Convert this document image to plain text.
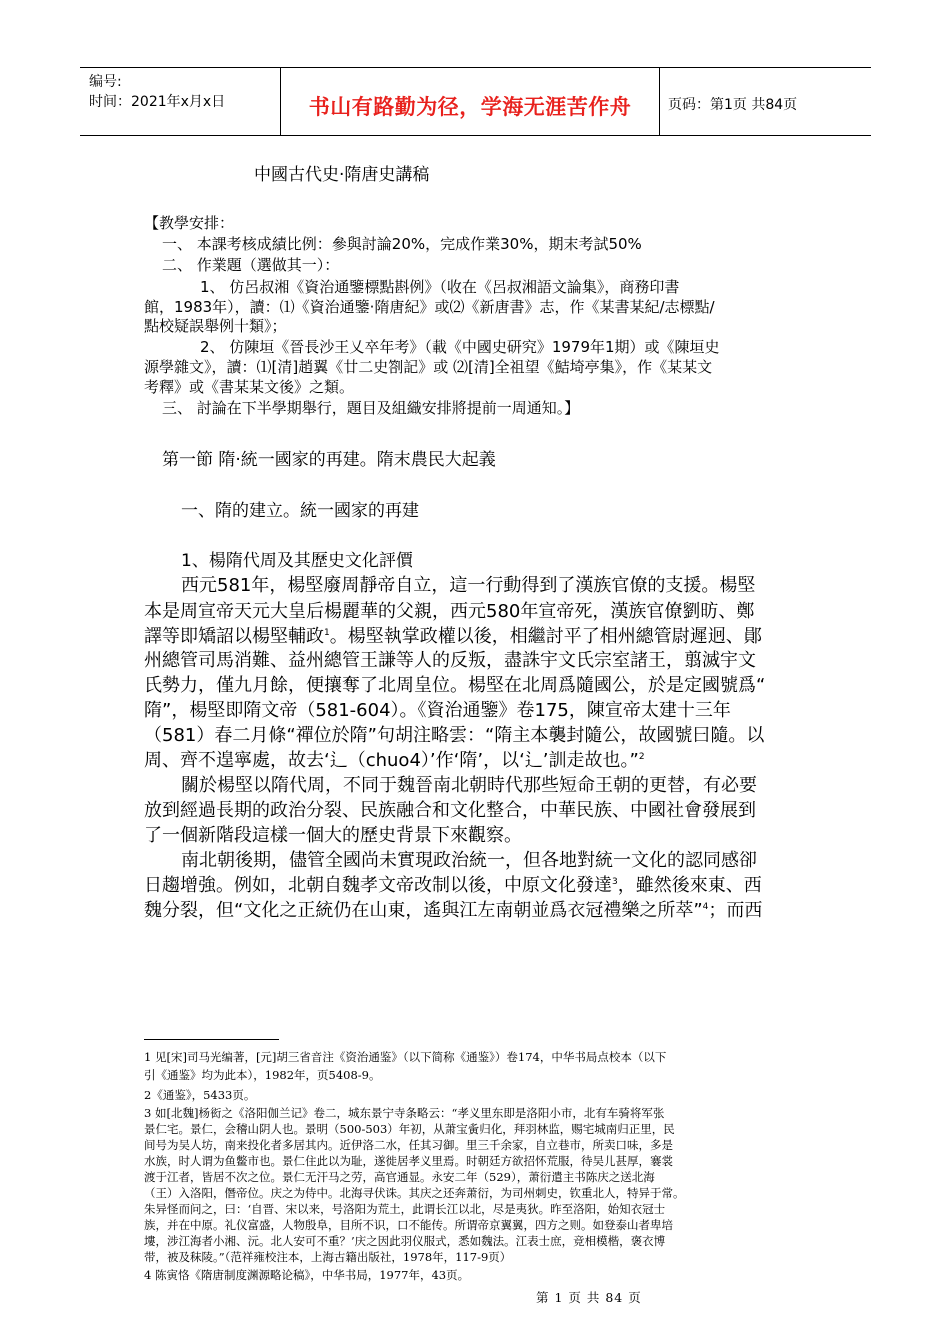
编号:
时间：2021年x月x日	书山有路勤为径，学海无涯苦作舟	页码：第1页 共84页
中國古代史·隋唐史講稿
【教學安排：
一、 本課考核成績比例：參與討論20%，完成作業30%，期末考試50%
二、 作業題（選做其一）：
1、 仿呂叔湘《資治通鑒標點斟例》（收在《呂叔湘語文論集》，商務印書
館，1983年），讀：⑴《資治通鑒·隋唐紀》或⑵《新唐書》志，作《某書某紀/志標點/
點校疑誤舉例十類》；
2、 仿陳垣《晉長沙王乂卒年考》（載《中國史研究》1979年1期）或《陳垣史
源學雜文》，讀：⑴[清]趙翼《廿二史劄記》或 ⑵[清]全祖望《鮚埼亭集》，作《某某文
考釋》或《書某某文後》之類。
三、 討論在下半學期舉行，題目及組織安排將提前一周通知。】
第一節 隋·統一國家的再建。隋末農民大起義
一、隋的建立。統一國家的再建
1、楊隋代周及其歷史文化評價
西元581年，楊堅廢周靜帝自立，這一行動得到了漢族官僚的支援。楊堅
本是周宣帝天元大皇后楊麗華的父親，西元580年宣帝死，漢族官僚劉昉、鄭
譯等即矯詔以楊堅輔政$^1$。楊堅執掌政權以後，相繼討平了相州總管尉遲迥、鄖
州總管司馬消難、益州總管王謙等人的反叛，盡誅宇文氏宗室諸王，翦滅宇文
氏勢力，僅九月餘，便攘奪了北周皇位。楊堅在北周爲隨國公，於是定國號爲“
隋”，楊堅即隋文帝（581-604）。《資治通鑒》卷175，陳宣帝太建十三年
（581）春二月條“禪位於隋”句胡注略雲：“隋主本襲封隨公，故國號曰隨。以
周、齊不遑寧處，故去‘⻍（chuo4）’作‘隋’，以‘⻍’訓走故也。”$^2$
關於楊堅以隋代周，不同于魏晉南北朝時代那些短命王朝的更替，有必要
放到經過長期的政治分裂、民族融合和文化整合，中華民族、中國社會發展到
了一個新階段這樣一個大的歷史背景下來觀察。
南北朝後期，儘管全國尚未實現政治統一，但各地對統一文化的認同感卻
日趨增強。例如，北朝自魏孝文帝改制以後，中原文化發達$^3$，雖然後來東、西
魏分裂，但“文化之正統仍在山東，遙與江左南朝並爲衣冠禮樂之所萃”$^4$；而西
1 见[宋]司马光编著，[元]胡三省音注《资治通鉴》（以下简称《通鉴》）卷174，中华书局点校本（以下
引《通鉴》均为此本），1982年，页5408-9。
2《通鉴》，5433页。
3 如[北魏]杨衒之《洛阳伽兰记》卷二，城东景宁寺条略云：“孝义里东即是洛阳小市，北有车骑将军张
景仁宅。景仁，会稽山阴人也。景明（500-503）年初，从萧宝夤归化，拜羽林监，赐宅城南归正里，民
间号为吴人坊，南来投化者多居其内。近伊洛二水，任其习御。里三千余家，自立巷市，所卖口味，多是
水族，时人谓为鱼鳖市也。景仁住此以为耻，遂徙居孝义里焉。时朝廷方欲招怀荒服，待吴儿甚厚，褰裳
渡于江者，皆居不次之位。景仁无汗马之劳，高官通显。永安二年（529），萧衍遣主书陈庆之送北海
（王）入洛阳，僭帝位。庆之为侍中。北海寻伏诛。其庆之还奔萧衍，为司州刺史，钦重北人，特异于常。
朱异怪而问之，曰：‘自晋、宋以来，号洛阳为荒土，此谓长江以北，尽是夷狄。昨至洛阳，始知衣冠士
族，并在中原。礼仪富盛，人物殷阜，目所不识，口不能传。所谓帝京翼翼，四方之则。如登泰山者卑培
塿，涉江海者小湘、沅。北人安可不重？’庆之因此羽仪服式，悉如魏法。江表士庶，竞相模楷，褒衣博
带，被及秣陵。”（范祥雍校注本，上海古籍出版社，1978年，117-9页）
4 陈寅恪《隋唐制度渊源略论稿》，中华书局，1977年，43页。
第 1 页 共 84 页
